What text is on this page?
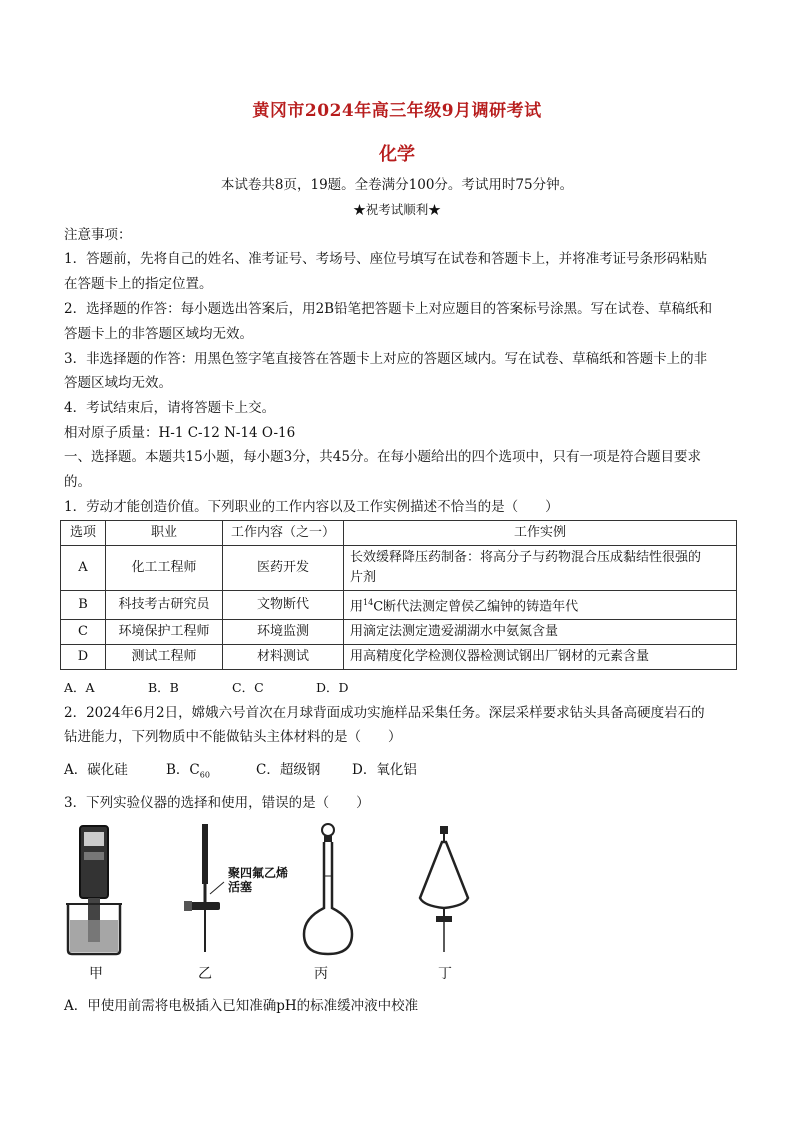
黄冈市2024年高三年级9月调研考试
化学
本试卷共8页，19题。全卷满分100分。考试用时75分钟。
★祝考试顺利★
注意事项：
1．答题前，先将自己的姓名、准考证号、考场号、座位号填写在试卷和答题卡上，并将准考证号条形码粘贴
在答题卡上的指定位置。
2．选择题的作答：每小题选出答案后，用2B铅笔把答题卡上对应题目的答案标号涂黑。写在试卷、草稿纸和
答题卡上的非答题区域均无效。
3．非选择题的作答：用黑色签字笔直接答在答题卡上对应的答题区域内。写在试卷、草稿纸和答题卡上的非
答题区域均无效。
4．考试结束后，请将答题卡上交。
相对原子质量：H-1 C-12 N-14 O-16
一、选择题。本题共15小题，每小题3分，共45分。在每小题给出的四个选项中，只有一项是符合题目要求
的。
1．劳动才能创造价值。下列职业的工作内容以及工作实例描述不恰当的是（　　）
选项	职业	工作内容（之一）	工作实例
A	化工工程师	医药开发	长效缓释降压药制备：将高分子与药物混合压成黏结性很强的
片剂

B	科技考古研究员	文物断代	用$^{14}$C断代法测定曾侯乙编钟的铸造年代
C	环境保护工程师	环境监测	用滴定法测定遗爱湖湖水中氨氮含量
D	测试工程师	材料测试	用高精度化学检测仪器检测试钢出厂钢材的元素含量
A．A	B．B	C．C	D．D
2．2024年6月2日，嫦娥六号首次在月球背面成功实施样品采集任务。深层采样要求钻头具备高硬度岩石的
钻进能力，下列物质中不能做钻头主体材料的是（　　）
A．碳化硅	B．$C_{60}$	C．超级钢 D．氧化铝
3．下列实验仪器的选择和使用，错误的是（　　）
聚四氟乙烯活塞
甲	乙	丙	丁
A．甲使用前需将电极插入已知准确pH的标准缓冲液中校准
